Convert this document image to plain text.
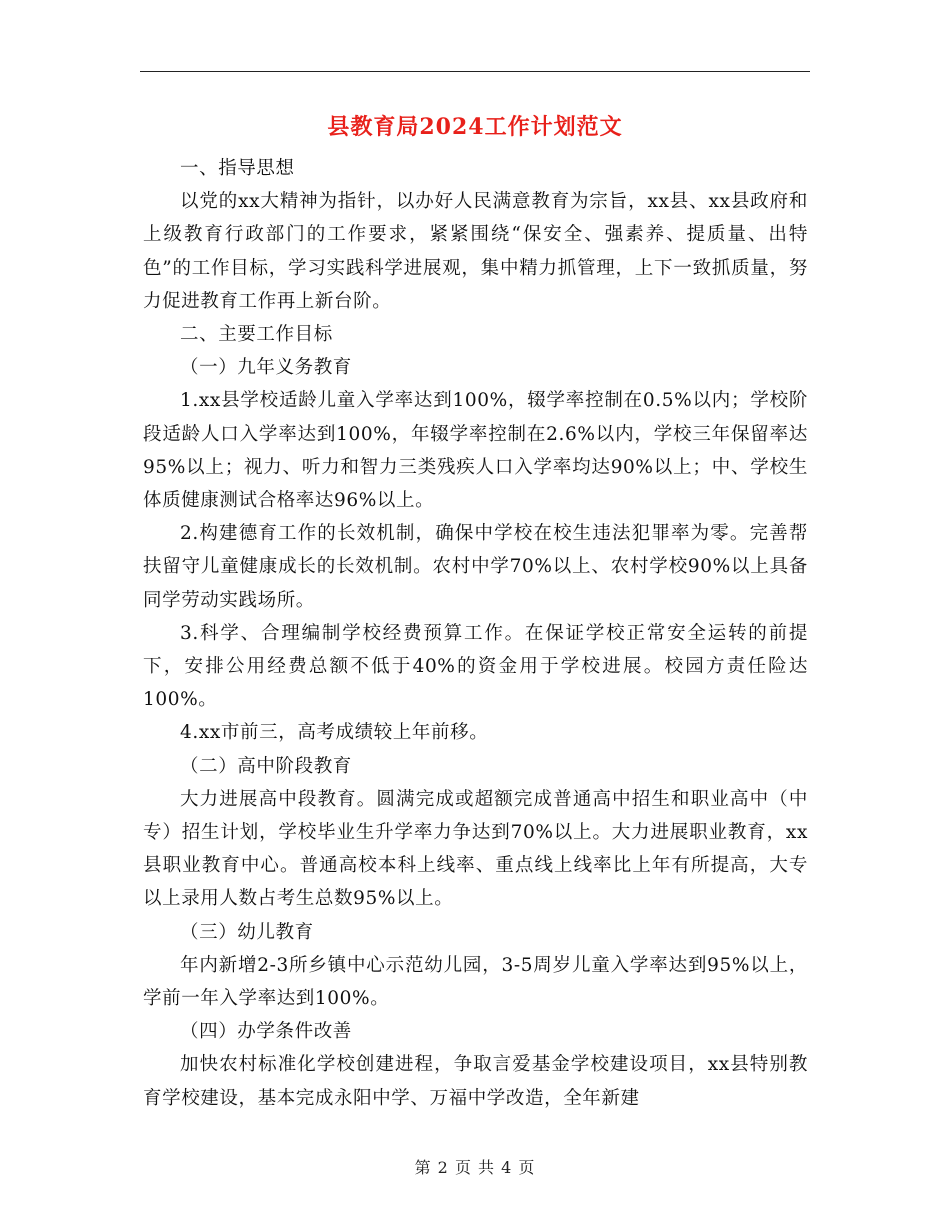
县教育局2024工作计划范文

一、指导思想

以党的xx大精神为指针，以办好人民满意教育为宗旨，xx县、xx县政府和上级教育行政部门的工作要求，紧紧围绕“保安全、强素养、提质量、出特色”的工作目标，学习实践科学进展观，集中精力抓管理，上下一致抓质量，努力促进教育工作再上新台阶。

二、主要工作目标

（一）九年义务教育

1.xx县学校适龄儿童入学率达到100%，辍学率控制在0.5%以内；学校阶段适龄人口入学率达到100%，年辍学率控制在2.6%以内，学校三年保留率达95%以上；视力、听力和智力三类残疾人口入学率均达90%以上；中、学校生体质健康测试合格率达96%以上。

2.构建德育工作的长效机制，确保中学校在校生违法犯罪率为零。完善帮扶留守儿童健康成长的长效机制。农村中学70%以上、农村学校90%以上具备同学劳动实践场所。

3.科学、合理编制学校经费预算工作。在保证学校正常安全运转的前提下，安排公用经费总额不低于40%的资金用于学校进展。校园方责任险达100%。

4.xx市前三，高考成绩较上年前移。

（二）高中阶段教育

大力进展高中段教育。圆满完成或超额完成普通高中招生和职业高中（中专）招生计划，学校毕业生升学率力争达到70%以上。大力进展职业教育，xx县职业教育中心。普通高校本科上线率、重点线上线率比上年有所提高，大专以上录用人数占考生总数95%以上。

（三）幼儿教育

年内新增2-3所乡镇中心示范幼儿园，3-5周岁儿童入学率达到95%以上，学前一年入学率达到100%。

（四）办学条件改善

加快农村标准化学校创建进程，争取言爱基金学校建设项目，xx县特别教育学校建设，基本完成永阳中学、万福中学改造，全年新建

第 2 页 共 4 页
